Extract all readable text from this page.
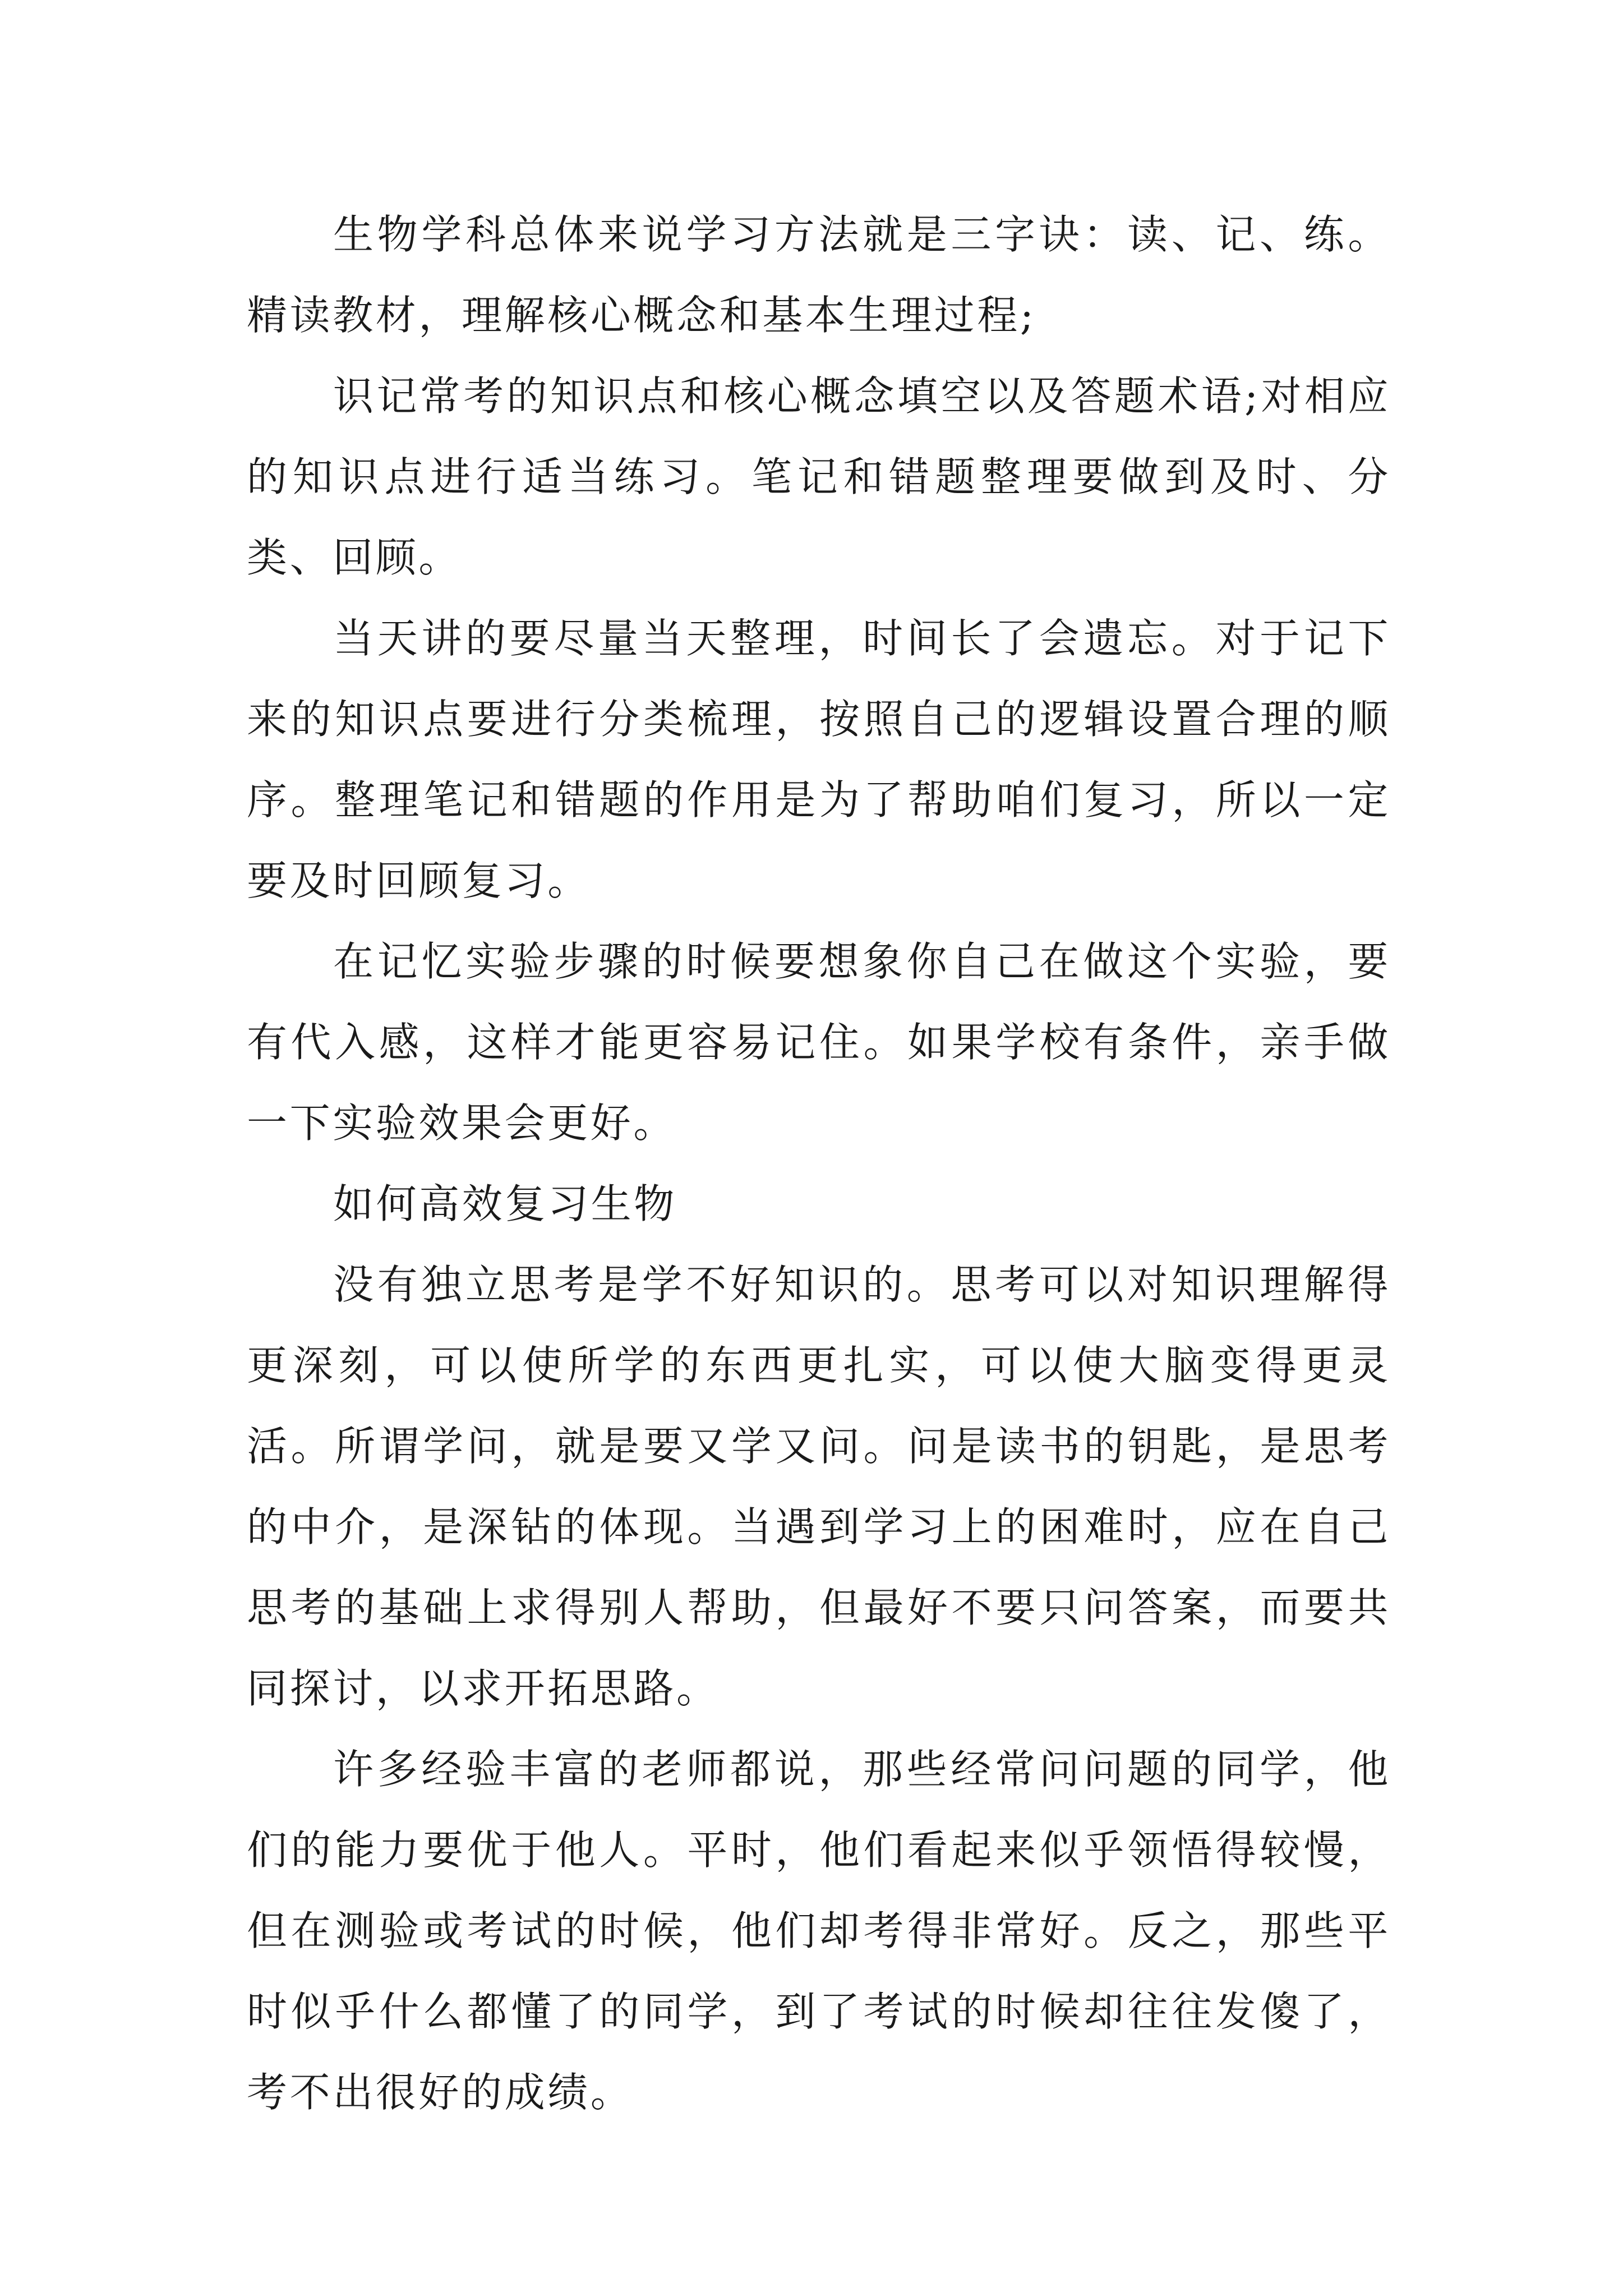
生物学科总体来说学习方法就是三字诀：读、记、练。精读教材，理解核心概念和基本生理过程;

识记常考的知识点和核心概念填空以及答题术语;对相应的知识点进行适当练习。笔记和错题整理要做到及时、分类、回顾。

当天讲的要尽量当天整理，时间长了会遗忘。对于记下来的知识点要进行分类梳理，按照自己的逻辑设置合理的顺序。整理笔记和错题的作用是为了帮助咱们复习，所以一定要及时回顾复习。

在记忆实验步骤的时候要想象你自己在做这个实验，要有代入感，这样才能更容易记住。如果学校有条件，亲手做一下实验效果会更好。

如何高效复习生物

没有独立思考是学不好知识的。思考可以对知识理解得更深刻，可以使所学的东西更扎实，可以使大脑变得更灵活。所谓学问，就是要又学又问。问是读书的钥匙，是思考的中介，是深钻的体现。当遇到学习上的困难时，应在自己思考的基础上求得别人帮助，但最好不要只问答案，而要共同探讨，以求开拓思路。

许多经验丰富的老师都说，那些经常问问题的同学，他们的能力要优于他人。平时，他们看起来似乎领悟得较慢，但在测验或考试的时候，他们却考得非常好。反之，那些平时似乎什么都懂了的同学，到了考试的时候却往往发傻了，考不出很好的成绩。
